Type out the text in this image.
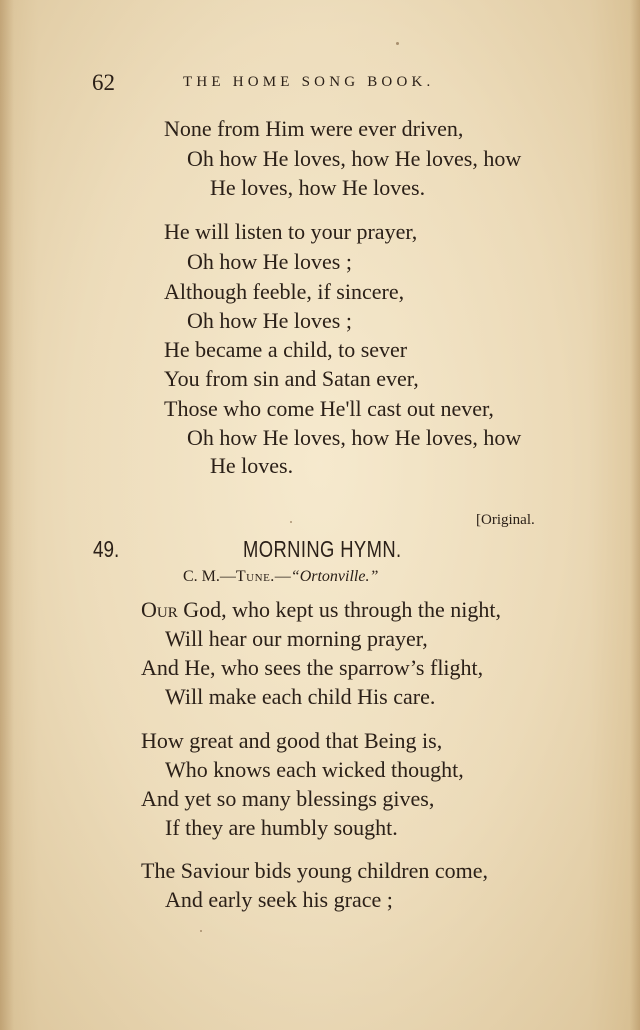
62	THE HOME SONG BOOK.
None from Him were ever driven,
Oh how He loves, how He loves, how
He loves, how He loves.
He will listen to your prayer,
Oh how He loves ;
Although feeble, if sincere,
Oh how He loves ;
He became a child, to sever
You from sin and Satan ever,
Those who come He'll cast out never,
Oh how He loves, how He loves, how
He loves.
[Original.
49.	MORNING HYMN.
C. M.—Tune.—“Ortonville.”
Our God, who kept us through the night,
Will hear our morning prayer,
And He, who sees the sparrow’s flight,
Will make each child His care.
How great and good that Being is,
Who knows each wicked thought,
And yet so many blessings gives,
If they are humbly sought.
The Saviour bids young children come,
And early seek his grace ;
